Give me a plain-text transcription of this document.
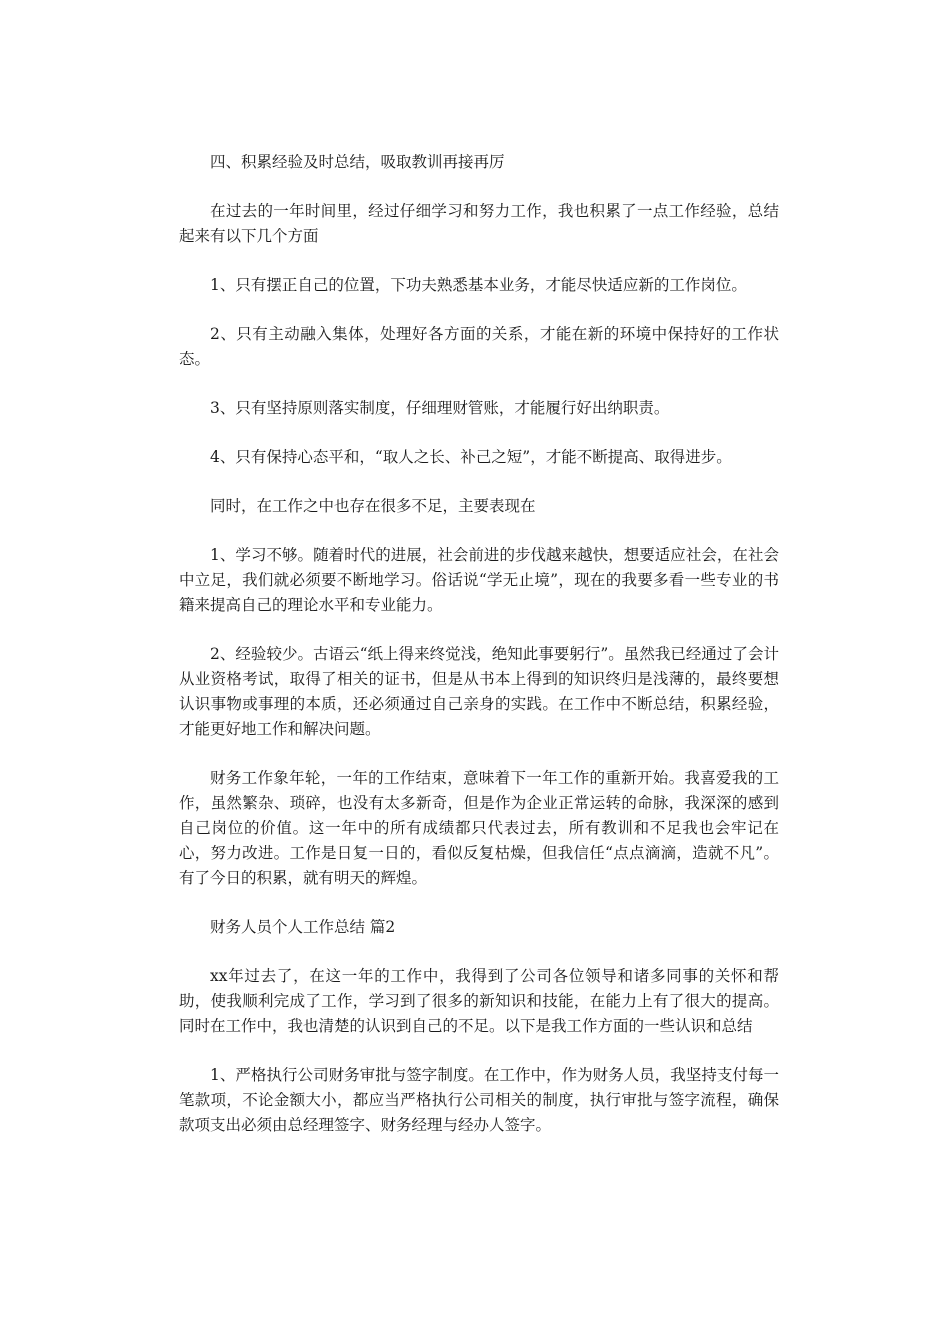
四、积累经验及时总结，吸取教训再接再厉

在过去的一年时间里，经过仔细学习和努力工作，我也积累了一点工作经验，总结起来有以下几个方面

1、只有摆正自己的位置，下功夫熟悉基本业务，才能尽快适应新的工作岗位。

2、只有主动融入集体，处理好各方面的关系，才能在新的环境中保持好的工作状态。

3、只有坚持原则落实制度，仔细理财管账，才能履行好出纳职责。

4、只有保持心态平和，“取人之长、补己之短”，才能不断提高、取得进步。

同时，在工作之中也存在很多不足，主要表现在

1、学习不够。随着时代的进展，社会前进的步伐越来越快，想要适应社会，在社会中立足，我们就必须要不断地学习。俗话说“学无止境”，现在的我要多看一些专业的书籍来提高自己的理论水平和专业能力。

2、经验较少。古语云“纸上得来终觉浅，绝知此事要躬行”。虽然我已经通过了会计从业资格考试，取得了相关的证书，但是从书本上得到的知识终归是浅薄的，最终要想认识事物或事理的本质，还必须通过自己亲身的实践。在工作中不断总结，积累经验，才能更好地工作和解决问题。

财务工作象年轮，一年的工作结束，意味着下一年工作的重新开始。我喜爱我的工作，虽然繁杂、琐碎，也没有太多新奇，但是作为企业正常运转的命脉，我深深的感到自己岗位的价值。这一年中的所有成绩都只代表过去，所有教训和不足我也会牢记在心，努力改进。工作是日复一日的，看似反复枯燥，但我信任“点点滴滴，造就不凡”。有了今日的积累，就有明天的辉煌。

财务人员个人工作总结 篇2

xx年过去了，在这一年的工作中，我得到了公司各位领导和诸多同事的关怀和帮助，使我顺利完成了工作，学习到了很多的新知识和技能，在能力上有了很大的提高。同时在工作中，我也清楚的认识到自己的不足。以下是我工作方面的一些认识和总结

1、严格执行公司财务审批与签字制度。在工作中，作为财务人员，我坚持支付每一笔款项，不论金额大小，都应当严格执行公司相关的制度，执行审批与签字流程，确保款项支出必须由总经理签字、财务经理与经办人签字。
